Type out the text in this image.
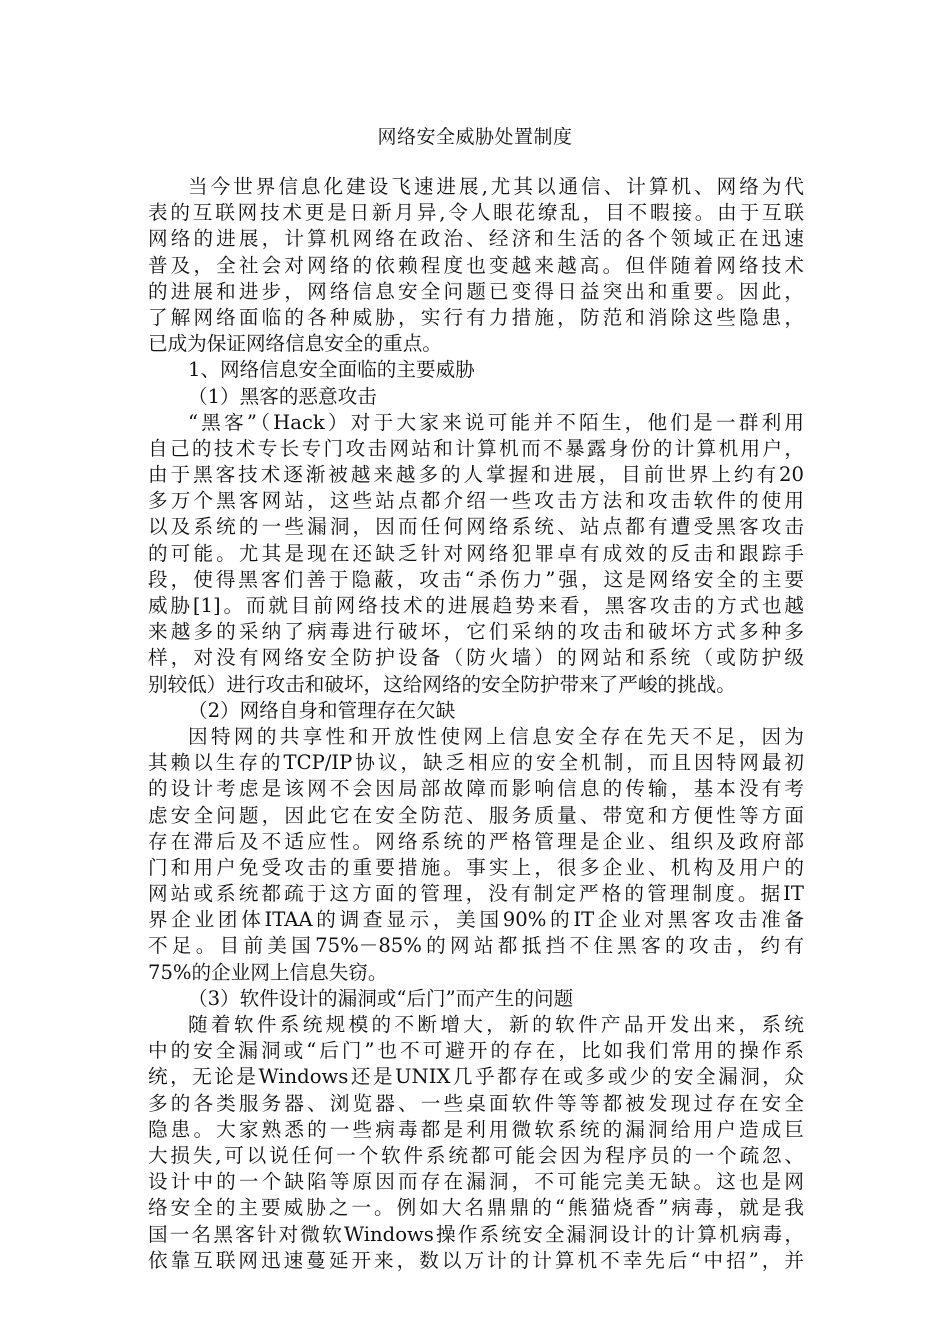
网络安全威胁处置制度
当今世界信息化建设飞速进展,尤其以通信、计算机、网络为代
表的互联网技术更是日新月异,令人眼花缭乱，目不暇接。由于互联
网络的进展，计算机网络在政治、经济和生活的各个领域正在迅速
普及，全社会对网络的依赖程度也变越来越高。但伴随着网络技术
的进展和进步，网络信息安全问题已变得日益突出和重要。因此，
了解网络面临的各种威胁，实行有力措施，防范和消除这些隐患，
已成为保证网络信息安全的重点。
1、网络信息安全面临的主要威胁
（1）黑客的恶意攻击
“黑客”（Hack）对于大家来说可能并不陌生，他们是一群利用
自己的技术专长专门攻击网站和计算机而不暴露身份的计算机用户，
由于黑客技术逐渐被越来越多的人掌握和进展，目前世界上约有20
多万个黑客网站，这些站点都介绍一些攻击方法和攻击软件的使用
以及系统的一些漏洞，因而任何网络系统、站点都有遭受黑客攻击
的可能。尤其是现在还缺乏针对网络犯罪卓有成效的反击和跟踪手
段，使得黑客们善于隐蔽，攻击“杀伤力”强，这是网络安全的主要
威胁[1]。而就目前网络技术的进展趋势来看，黑客攻击的方式也越
来越多的采纳了病毒进行破坏，它们采纳的攻击和破坏方式多种多
样，对没有网络安全防护设备（防火墙）的网站和系统（或防护级
别较低）进行攻击和破坏，这给网络的安全防护带来了严峻的挑战。
（2）网络自身和管理存在欠缺
因特网的共享性和开放性使网上信息安全存在先天不足，因为
其赖以生存的TCP/IP协议，缺乏相应的安全机制，而且因特网最初
的设计考虑是该网不会因局部故障而影响信息的传输，基本没有考
虑安全问题，因此它在安全防范、服务质量、带宽和方便性等方面
存在滞后及不适应性。网络系统的严格管理是企业、组织及政府部
门和用户免受攻击的重要措施。事实上，很多企业、机构及用户的
网站或系统都疏于这方面的管理，没有制定严格的管理制度。据IT
界企业团体ITAA的调查显示，美国90%的IT企业对黑客攻击准备
不足。目前美国75%－85%的网站都抵挡不住黑客的攻击，约有
75%的企业网上信息失窃。
（3）软件设计的漏洞或“后门”而产生的问题
随着软件系统规模的不断增大，新的软件产品开发出来，系统
中的安全漏洞或“后门”也不可避开的存在，比如我们常用的操作系
统，无论是Windows还是UNIX几乎都存在或多或少的安全漏洞，众
多的各类服务器、浏览器、一些桌面软件等等都被发现过存在安全
隐患。大家熟悉的一些病毒都是利用微软系统的漏洞给用户造成巨
大损失,可以说任何一个软件系统都可能会因为程序员的一个疏忽、
设计中的一个缺陷等原因而存在漏洞，不可能完美无缺。这也是网
络安全的主要威胁之一。例如大名鼎鼎的“熊猫烧香”病毒，就是我
国一名黑客针对微软Windows操作系统安全漏洞设计的计算机病毒，
依靠互联网迅速蔓延开来，数以万计的计算机不幸先后“中招”，并
